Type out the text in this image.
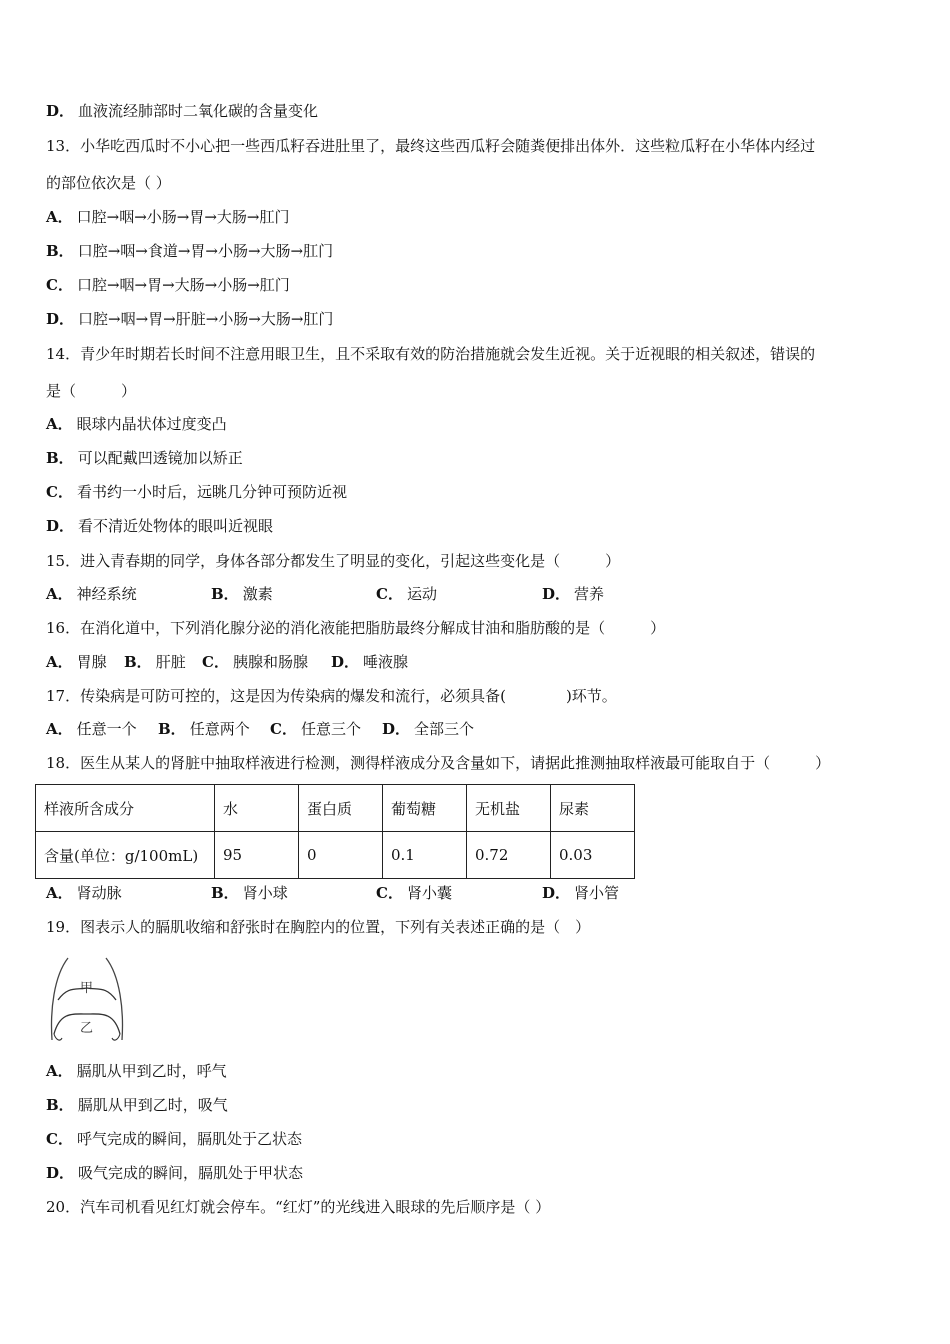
D． 血液流经肺部时二氧化碳的含量变化
13．小华吃西瓜时不小心把一些西瓜籽吞进肚里了，最终这些西瓜籽会随粪便排出体外．这些粒瓜籽在小华体内经过
的部位依次是（ ）
A． 口腔→咽→小肠→胃→大肠→肛门
B． 口腔→咽→食道→胃→小肠→大肠→肛门
C． 口腔→咽→胃→大肠→小肠→肛门
D． 口腔→咽→胃→肝脏→小肠→大肠→肛门
14．青少年时期若长时间不注意用眼卫生，且不采取有效的防治措施就会发生近视。关于近视眼的相关叙述，错误的
是（　　　）
A． 眼球内晶状体过度变凸
B． 可以配戴凹透镜加以矫正
C． 看书约一小时后，远眺几分钟可预防近视
D． 看不清近处物体的眼叫近视眼
15．进入青春期的同学，身体各部分都发生了明显的变化，引起这些变化是（　　　）
A． 神经系统	B． 激素	C． 运动	D． 营养
16．在消化道中，下列消化腺分泌的消化液能把脂肪最终分解成甘油和脂肪酸的是（　　　）
A． 胃腺 B． 肝脏 C． 胰腺和肠腺 D． 唾液腺
17．传染病是可防可控的，这是因为传染病的爆发和流行，必须具备(　　　　)环节。
A． 任意一个 B． 任意两个 C． 任意三个 D． 全部三个
18．医生从某人的肾脏中抽取样液进行检测，测得样液成分及含量如下，请据此推测抽取样液最可能取自于（　　　）
样液所含成分	水	蛋白质	葡萄糖	无机盐	尿素
含量(单位：g/100mL)	95	0	0.1	0.72	0.03
A． 肾动脉	B． 肾小球	C． 肾小囊	D． 肾小管
19．图表示人的膈肌收缩和舒张时在胸腔内的位置，下列有关表述正确的是（　）
甲
乙
A． 膈肌从甲到乙时，呼气
B． 膈肌从甲到乙时，吸气
C． 呼气完成的瞬间，膈肌处于乙状态
D． 吸气完成的瞬间，膈肌处于甲状态
20．汽车司机看见红灯就会停车。“红灯”的光线进入眼球的先后顺序是（ ）
